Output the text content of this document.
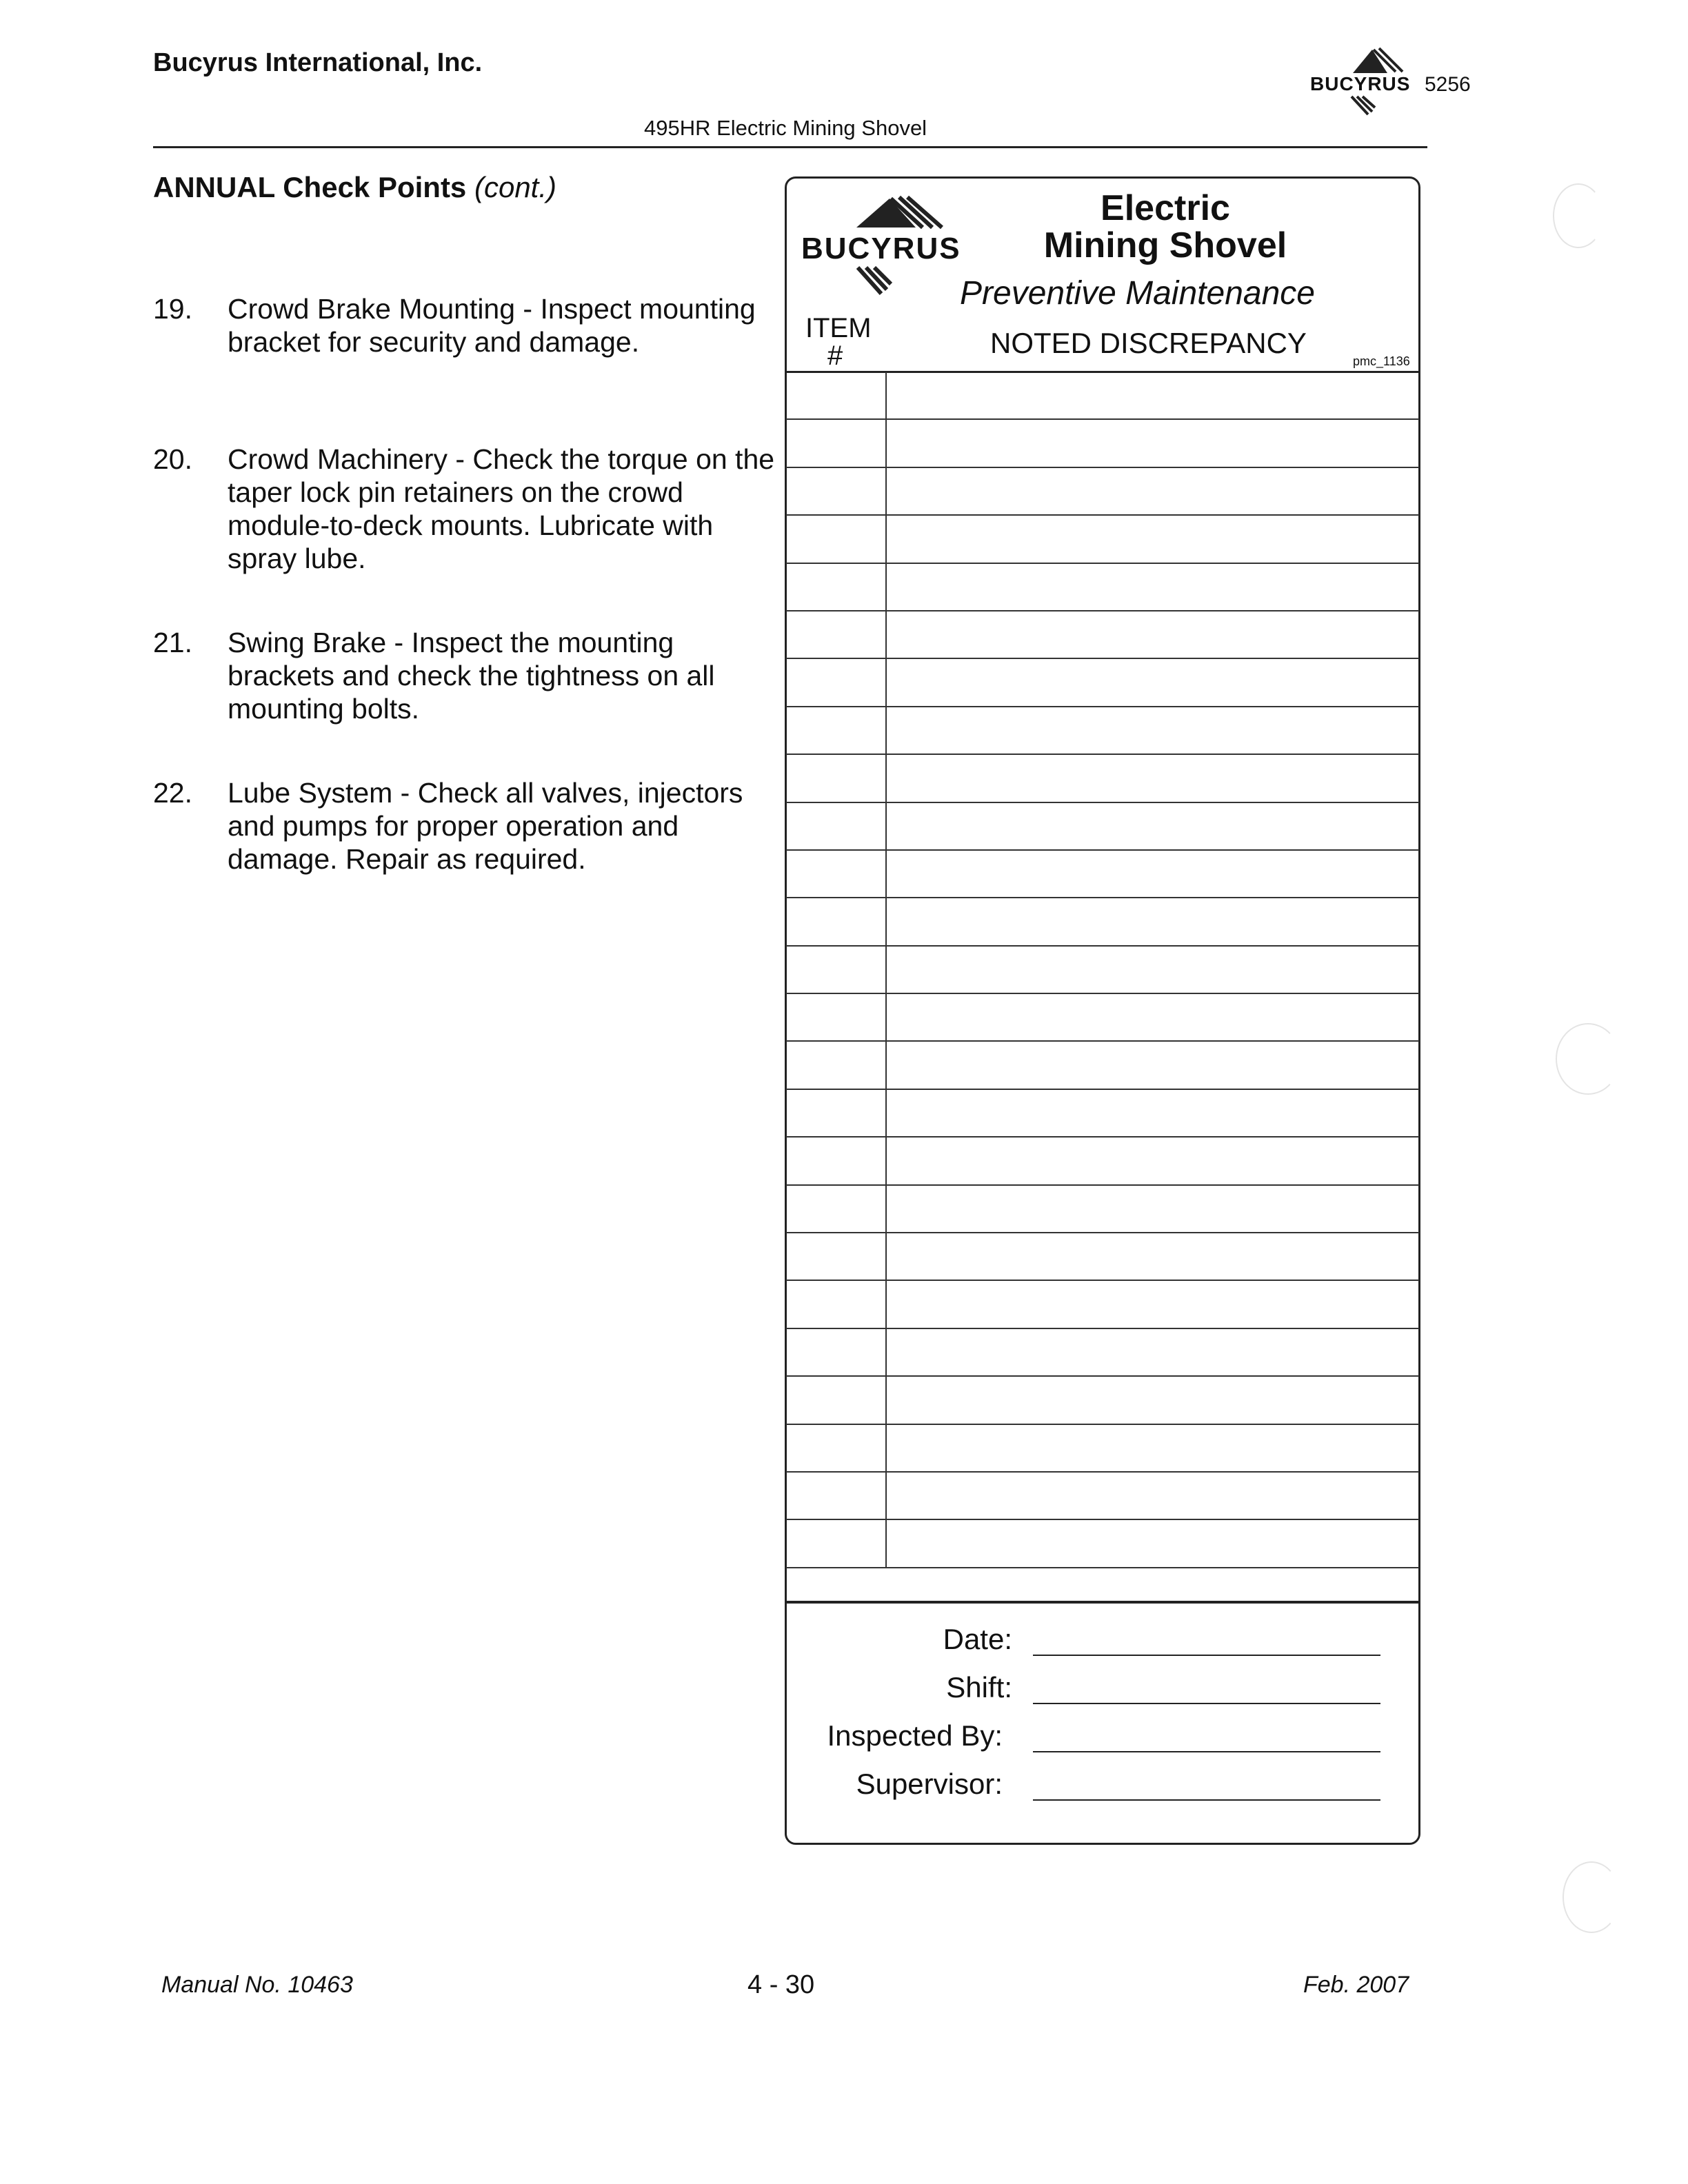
Bucyrus International, Inc.
495HR Electric Mining Shovel
BUCYRUS 5256
ANNUAL Check Points (cont.)
19. Crowd Brake Mounting - Inspect mounting bracket for security and damage.
20. Crowd Machinery - Check the torque on the taper lock pin retainers on the crowd module-to-deck mounts. Lubricate with spray lube.
21. Swing Brake - Inspect the mounting brackets and check the tightness on all mounting bolts.
22. Lube System - Check all valves, injectors and pumps for proper operation and damage. Repair as required.
BUCYRUS
Electric
Mining Shovel
Preventive Maintenance
ITEM
#	NOTED DISCREPANCY
pmc_1136
Date:
Shift:
Inspected By:
Supervisor:
Manual No. 10463	4 - 30	Feb. 2007
